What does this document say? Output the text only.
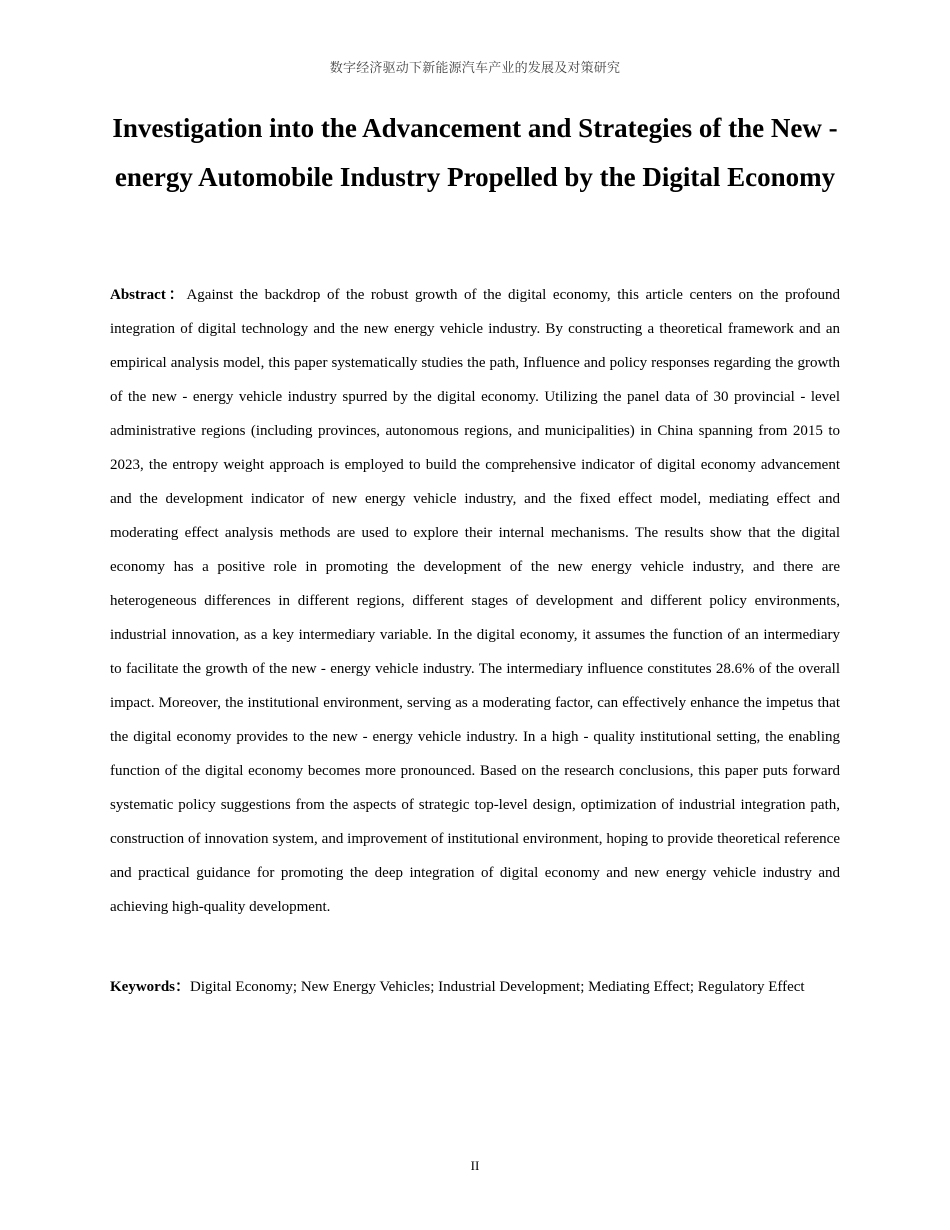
数字经济驱动下新能源汽车产业的发展及对策研究
Investigation into the Advancement and Strategies of the New - energy Automobile Industry Propelled by the Digital Economy

Abstract：Against the backdrop of the robust growth of the digital economy, this article centers on the profound integration of digital technology and the new energy vehicle industry. By constructing a theoretical framework and an empirical analysis model, this paper systematically studies the path, Influence and policy responses regarding the growth of the new - energy vehicle industry spurred by the digital economy. Utilizing the panel data of 30 provincial - level administrative regions (including provinces, autonomous regions, and municipalities) in China spanning from 2015 to 2023, the entropy weight approach is employed to build the comprehensive indicator of digital economy advancement and the development indicator of new energy vehicle industry, and the fixed effect model, mediating effect and moderating effect analysis methods are used to explore their internal mechanisms. The results show that the digital economy has a positive role in promoting the development of the new energy vehicle industry, and there are heterogeneous differences in different regions, different stages of development and different policy environments, industrial innovation, as a key intermediary variable. In the digital economy, it assumes the function of an intermediary to facilitate the growth of the new - energy vehicle industry. The intermediary influence constitutes 28.6% of the overall impact. Moreover, the institutional environment, serving as a moderating factor, can effectively enhance the impetus that the digital economy provides to the new - energy vehicle industry. In a high - quality institutional setting, the enabling function of the digital economy becomes more pronounced. Based on the research conclusions, this paper puts forward systematic policy suggestions from the aspects of strategic top-level design, optimization of industrial integration path, construction of innovation system, and improvement of institutional environment, hoping to provide theoretical reference and practical guidance for promoting the deep integration of digital economy and new energy vehicle industry and achieving high-quality development.

Keywords：Digital Economy; New Energy Vehicles; Industrial Development; Mediating Effect; Regulatory Effect

II
